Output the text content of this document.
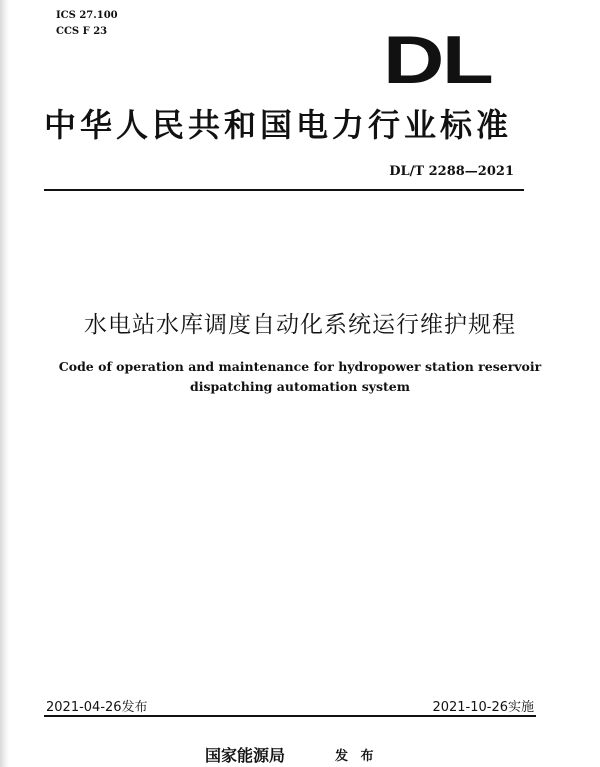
ICS 27.100
CCS F 23	DL
中华人民共和国电力行业标准
DL/T 2288—2021
水电站水库调度自动化系统运行维护规程
Code of operation and maintenance for hydropower station reservoir
dispatching automation system
2021-04-26发布	2021-10-26实施
国家能源局	发 布
